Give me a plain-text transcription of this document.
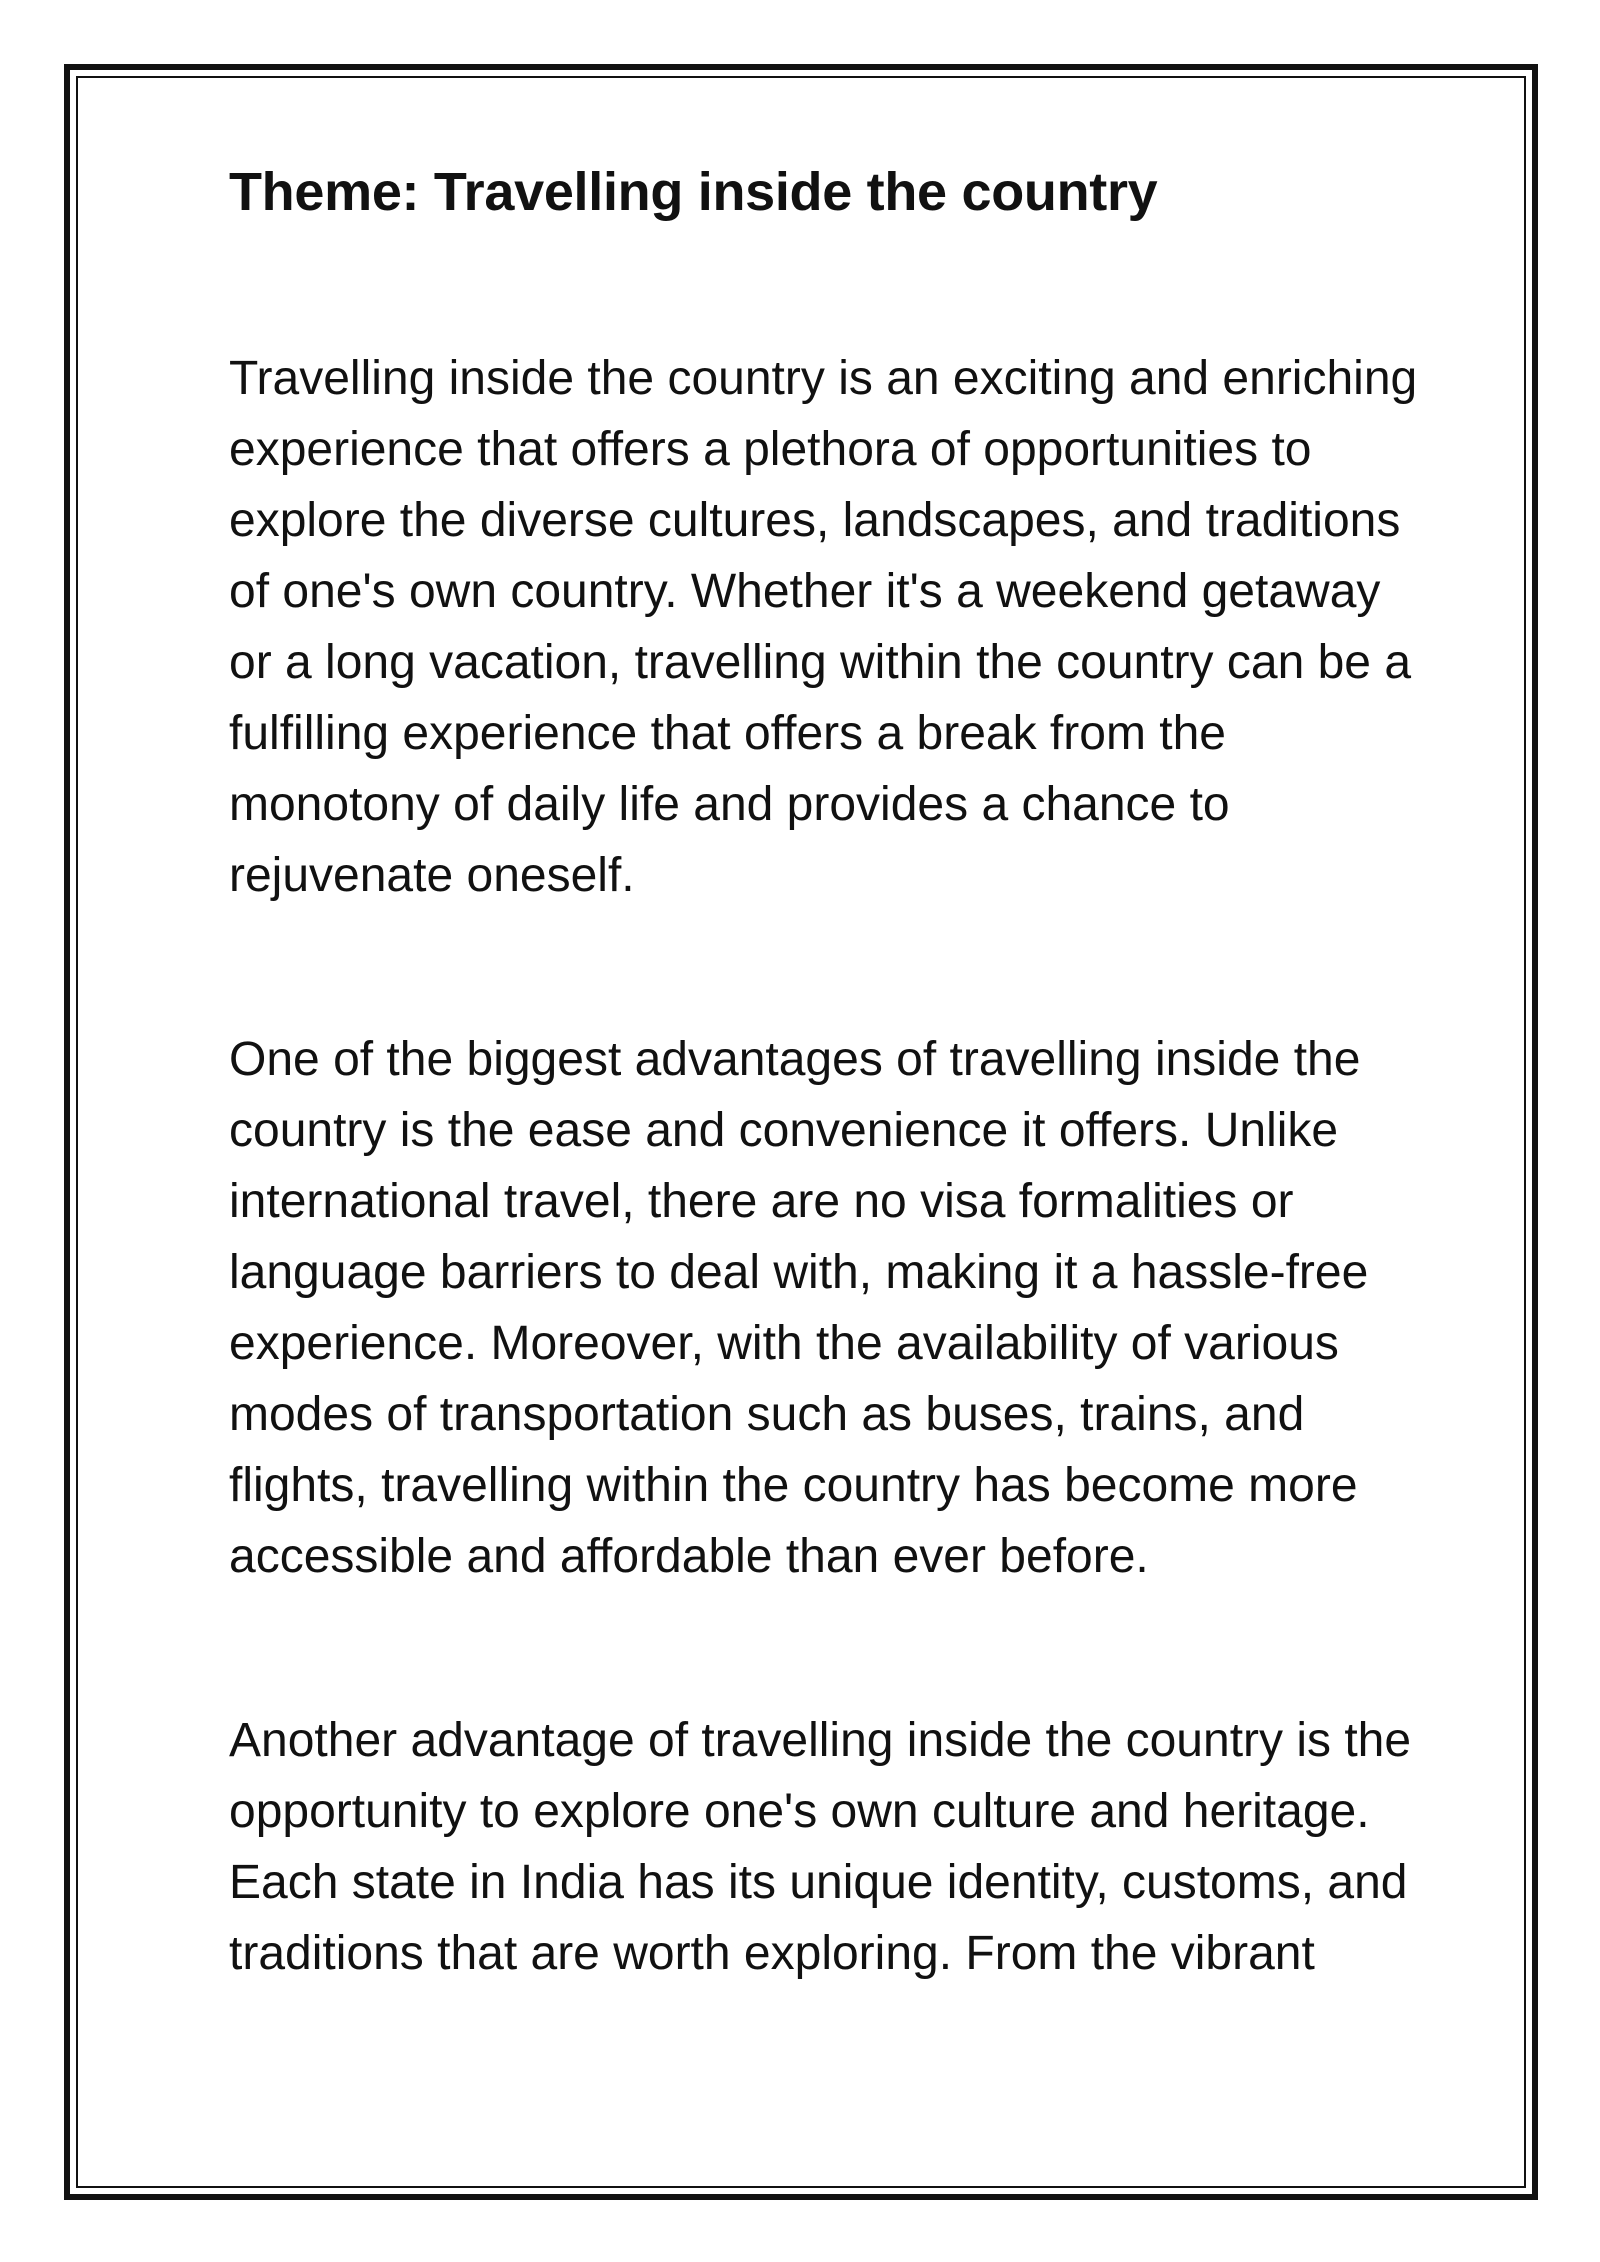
Theme: Travelling inside the country

Travelling inside the country is an exciting and enriching
experience that offers a plethora of opportunities to
explore the diverse cultures, landscapes, and traditions
of one's own country. Whether it's a weekend getaway
or a long vacation, travelling within the country can be a
fulfilling experience that offers a break from the
monotony of daily life and provides a chance to
rejuvenate oneself.

One of the biggest advantages of travelling inside the
country is the ease and convenience it offers. Unlike
international travel, there are no visa formalities or
language barriers to deal with, making it a hassle-free
experience. Moreover, with the availability of various
modes of transportation such as buses, trains, and
flights, travelling within the country has become more
accessible and affordable than ever before.

Another advantage of travelling inside the country is the
opportunity to explore one's own culture and heritage.
Each state in India has its unique identity, customs, and
traditions that are worth exploring. From the vibrant
